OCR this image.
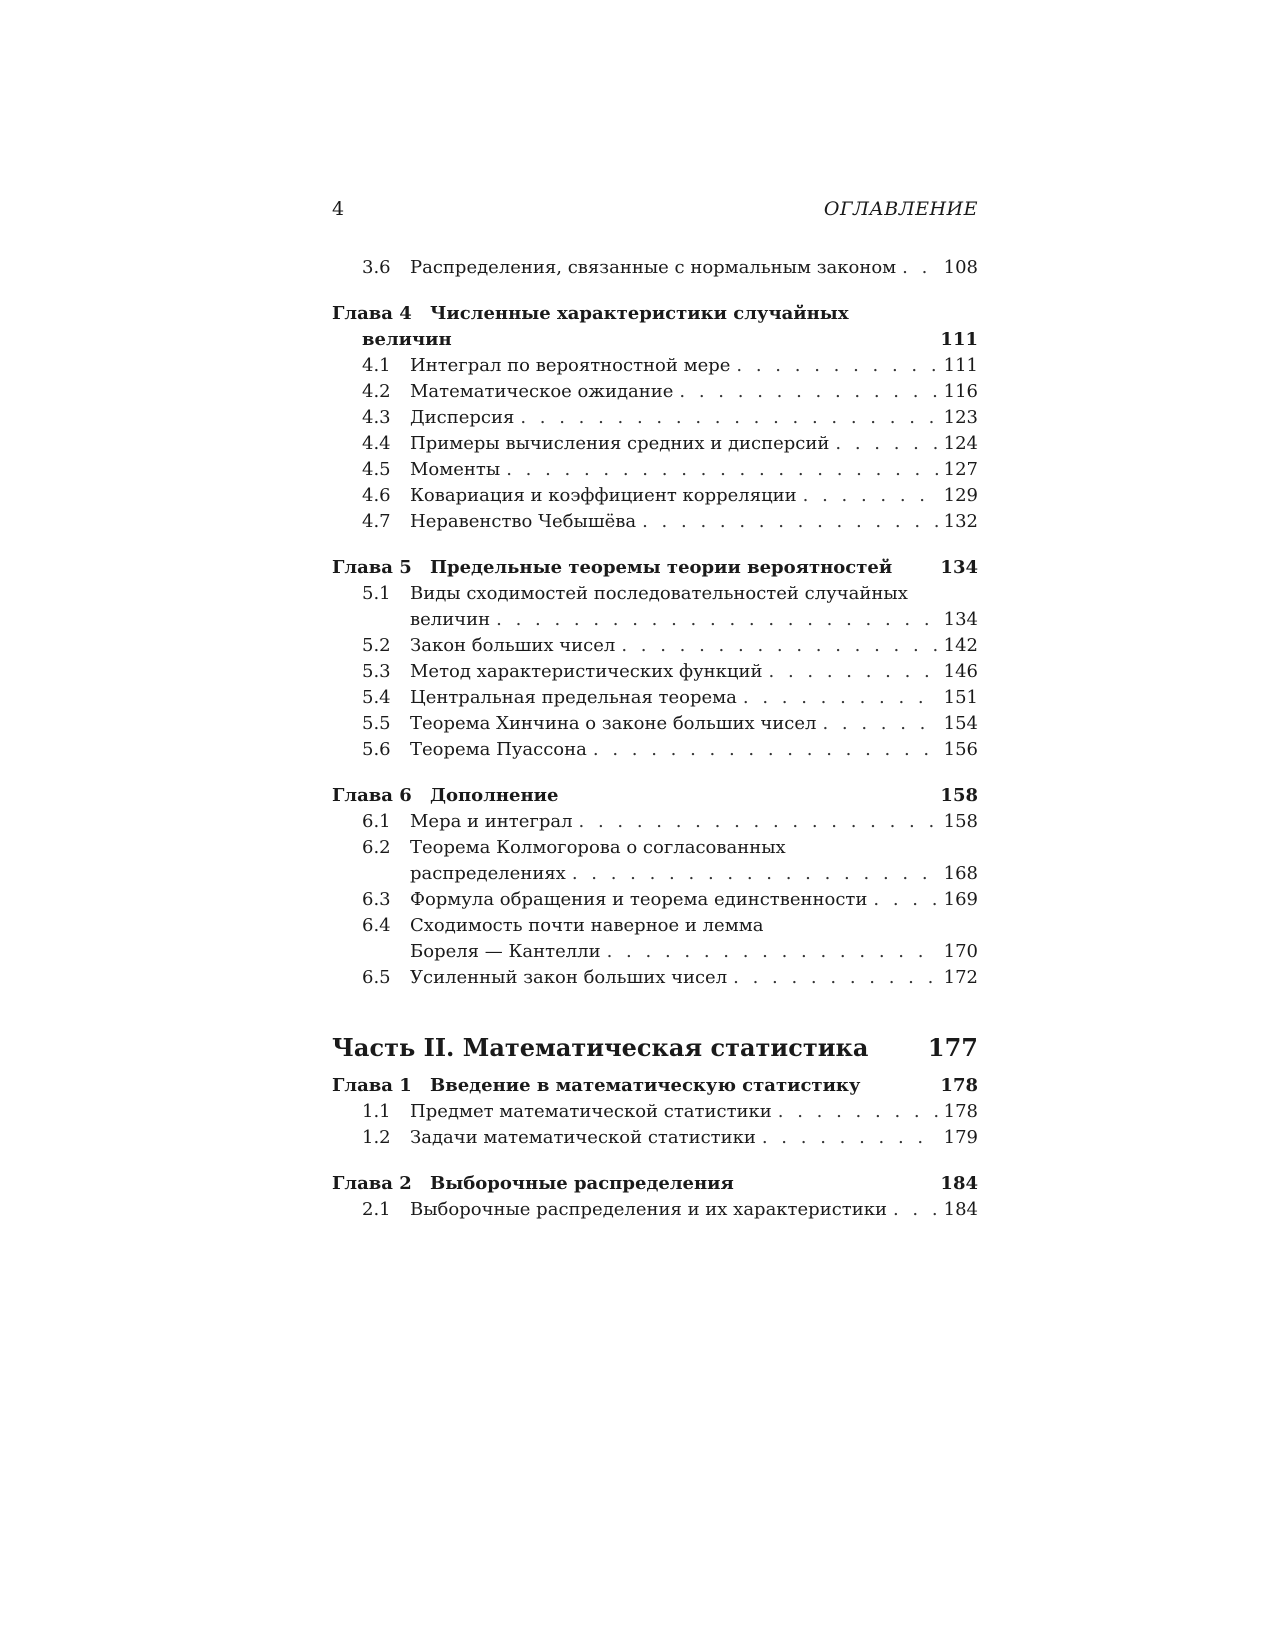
4	ОГЛАВЛЕНИЕ
3.6	Распределения, связанные с нормальным законом . . .	108
Глава 4	Численные характеристики случайных
величин	111
4.1	Интеграл по вероятностной мере . . .	111
4.2	Математическое ожидание . . .	116
4.3	Дисперсия . . .	123
4.4	Примеры вычисления средних и дисперсий . . .	124
4.5	Моменты . . .	127
4.6	Ковариация и коэффициент корреляции . . .	129
4.7	Неравенство Чебышёва . . .	132
Глава 5	Предельные теоремы теории вероятностей	134
5.1	Виды сходимостей последовательностей случайных
величин . . .	134
5.2	Закон больших чисел . . .	142
5.3	Метод характеристических функций . . .	146
5.4	Центральная предельная теорема . . .	151
5.5	Теорема Хинчина о законе больших чисел . . .	154
5.6	Теорема Пуассона . . .	156
Глава 6	Дополнение	158
6.1	Мера и интеграл . . .	158
6.2	Теорема Колмогорова о согласованных
распределениях . . .	168
6.3	Формула обращения и теорема единственности . . .	169
6.4	Сходимость почти наверное и лемма
Бореля — Кантелли . . .	170
6.5	Усиленный закон больших чисел . . .	172
Часть II. Математическая статистика	177
Глава 1	Введение в математическую статистику	178
1.1	Предмет математической статистики . . .	178
1.2	Задачи математической статистики . . .	179
Глава 2	Выборочные распределения	184
2.1	Выборочные распределения и их характеристики . . .	184
